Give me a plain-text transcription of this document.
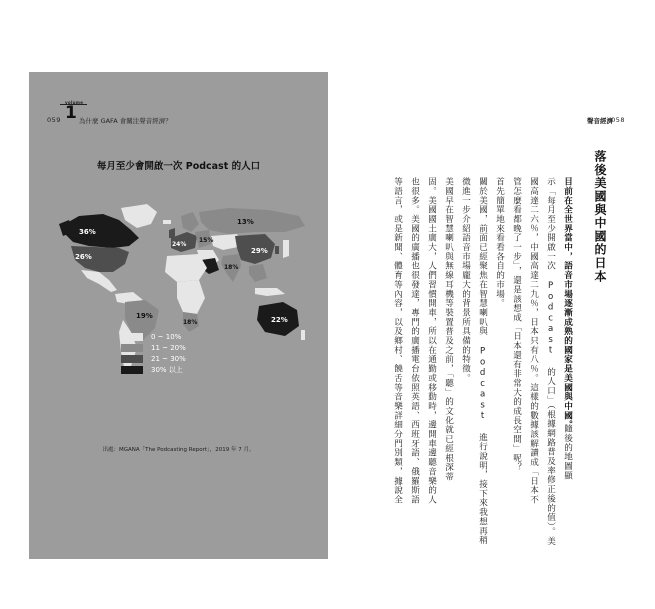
volume
1
059	為什麼 GAFA 會關注聲音經濟？
每月至少會開啟一次 Podcast 的人口
36%
26%
19%
24%
15%
13%
29%
18%
18%	22%
0 ~ 10%
11 ~ 20%
21 ~ 30%
30% 以上
出處：MGANA「The Podcasting Report」，2019 年 7 月。
聲音經濟
058
落後美國與中國的日本
目前在全世界當中，語音市場逐漸成熟的國家是美國與中國。
隨後的地圖顯
示「每月至少開啟一次 Podcast 的人口」（根據網路普及率修正後的值）。美
國高達二六％，中國高達二九％，日本只有八％。這樣的數據該解讀成「日本不
管怎麼看都晚了一步」，還是該想成「日本還有非常大的成長空間」呢？
首先簡單地來看看各自的市場。
關於美國，前面已經聚焦在智慧喇叭與 Podcast 進行說明，接下來我想再稍
微進一步介紹語音市場龐大的背景所具備的特徵。
美國早在智慧喇叭與無線耳機等裝置普及之前，「聽」的文化就已經根深蒂
固。美國國土廣大，人們習慣開車，所以在通勤或移動時，邊開車邊聽音樂的人
也很多。美國的廣播也很發達，專門的廣播電台依照英語、西班牙語、俄羅斯語
等語言，或是新聞、體育等內容，以及鄉村、饒舌等音樂詳細分門別類，據說全
